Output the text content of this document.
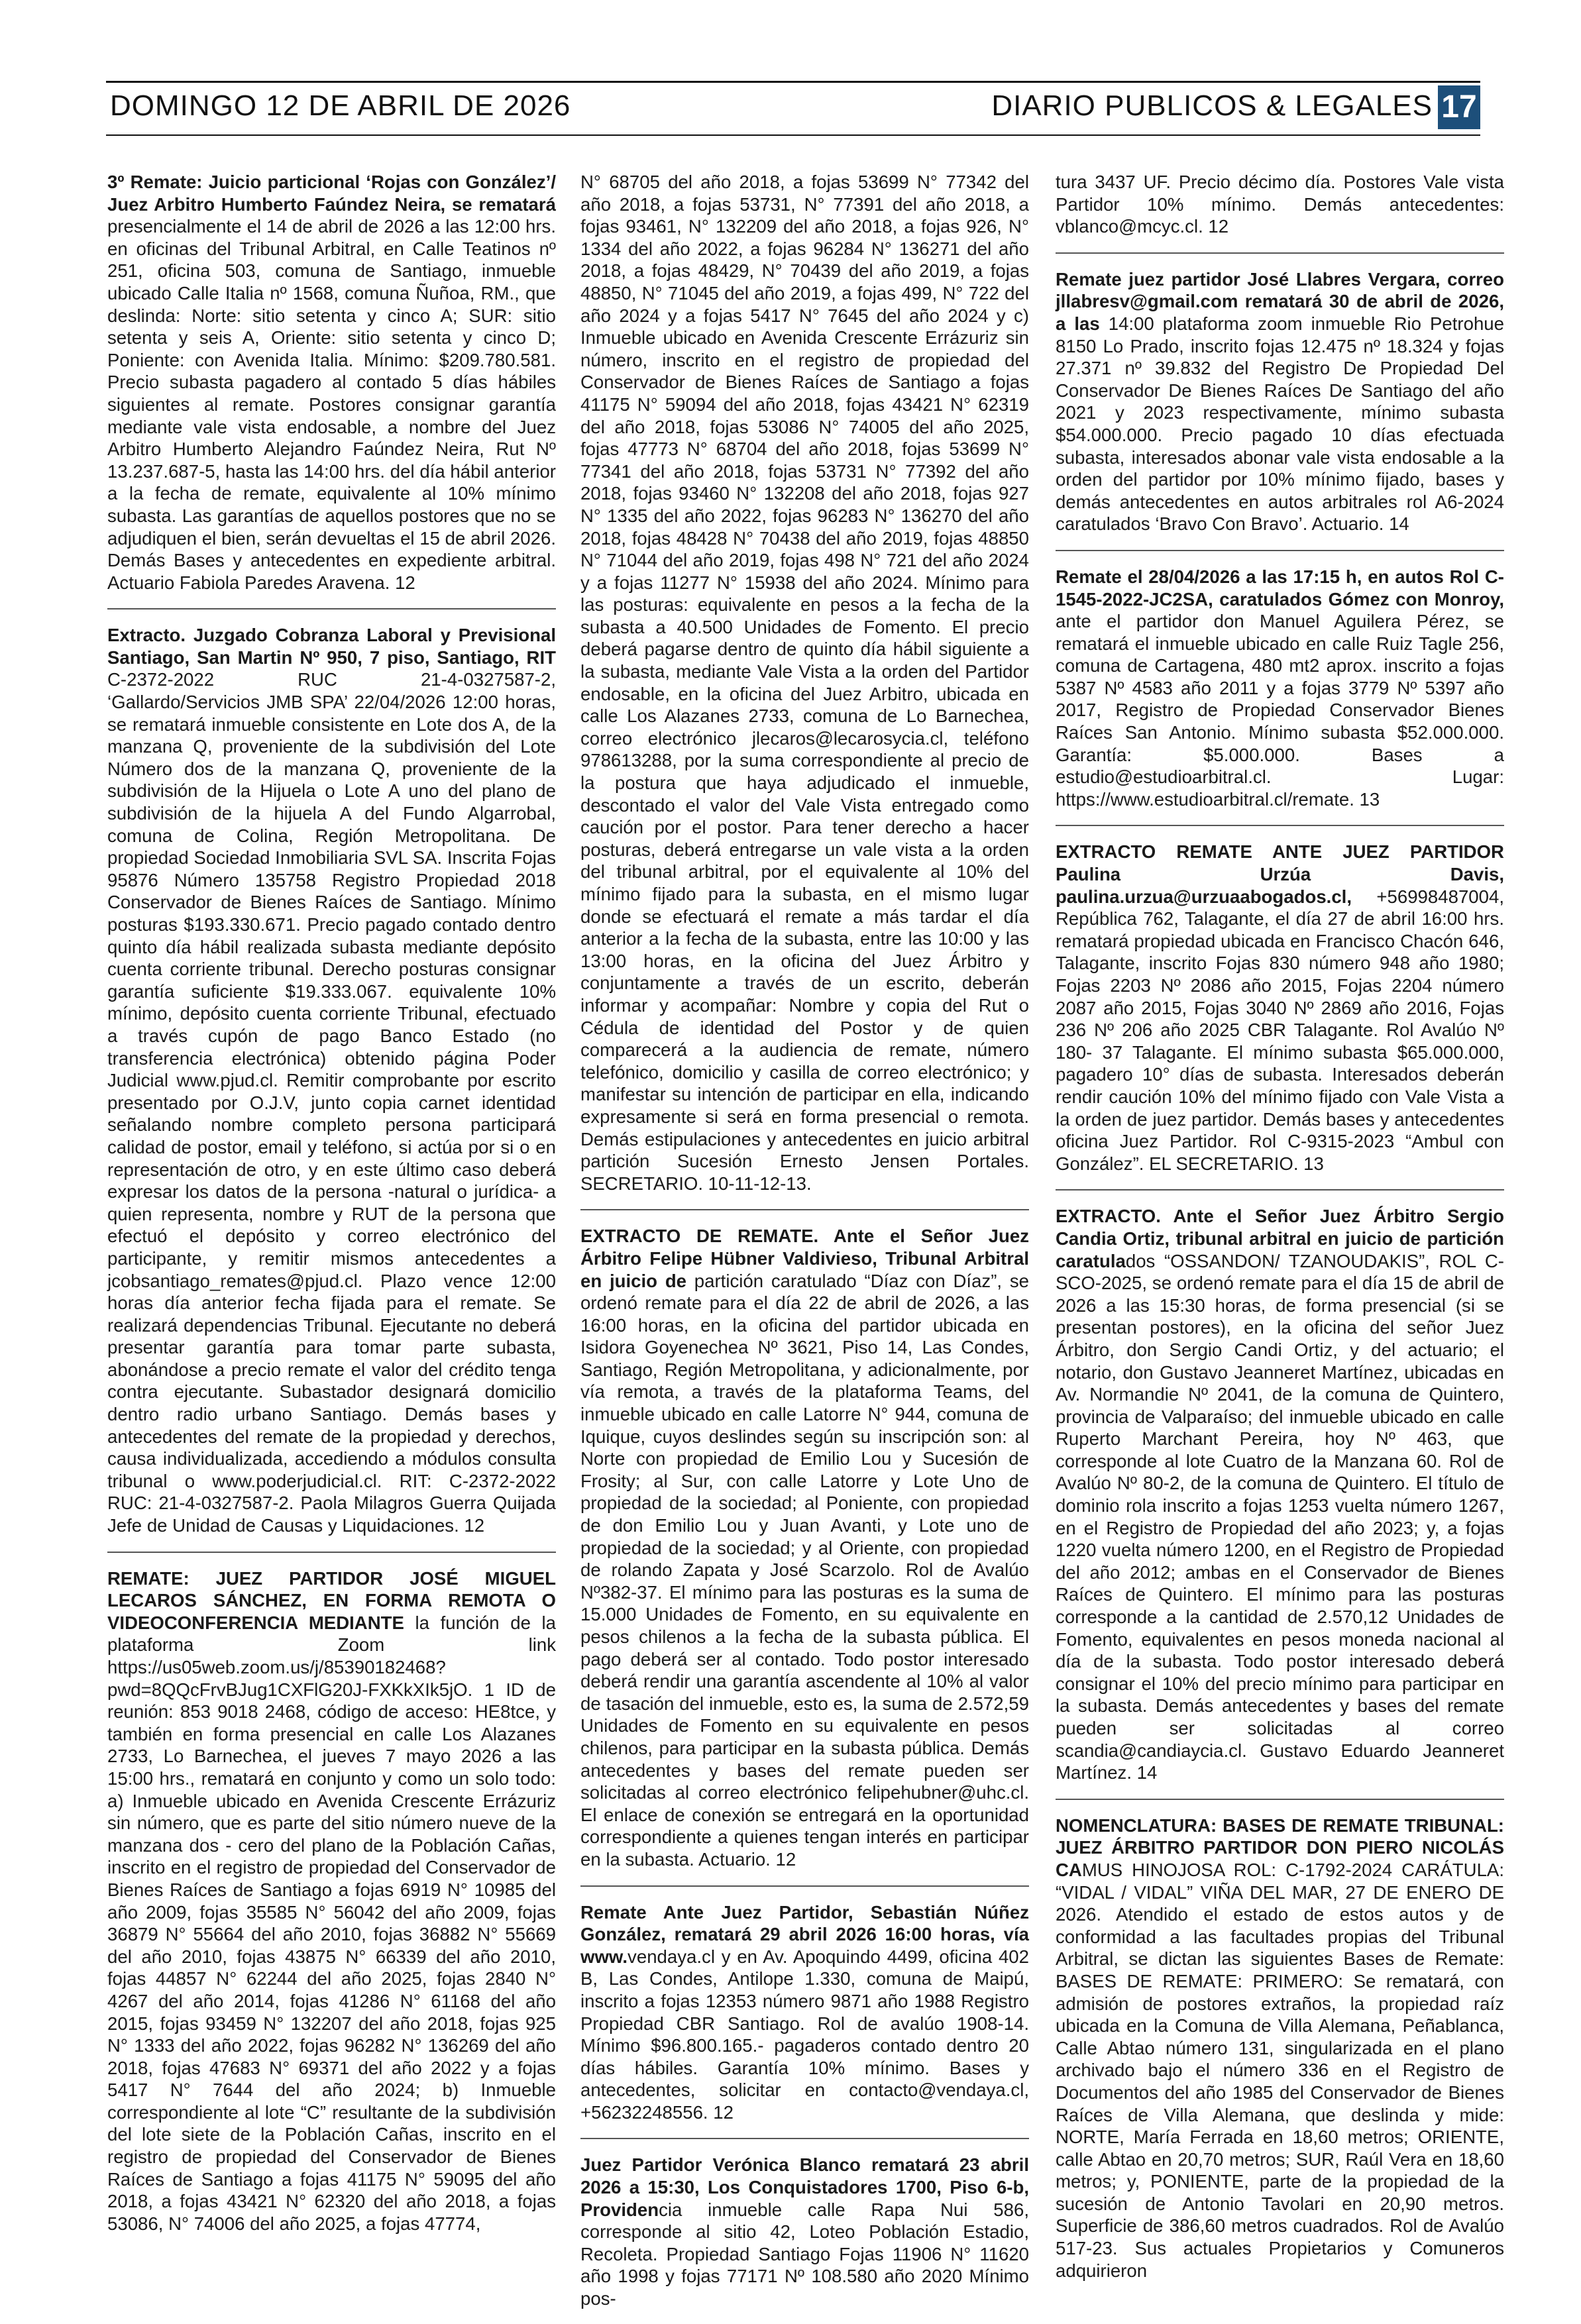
DOMINGO 12 DE ABRIL DE 2026	DIARIO PUBLICOS & LEGALES 17

3º Remate: Juicio particional ‘Rojas con González’/ Juez Arbitro Humberto Faúndez Neira, se rematará presencialmente el 14 de abril de 2026 a las 12:00 hrs. en oficinas del Tribunal Arbitral, en Calle Teatinos nº 251, oficina 503, comuna de Santiago, inmueble ubicado Calle Italia nº 1568, comuna Ñuñoa, RM., que deslinda: Norte: sitio setenta y cinco A; SUR: sitio setenta y seis A, Oriente: sitio setenta y cinco D; Poniente: con Avenida Italia. Mínimo: $209.780.581. Precio subasta pagadero al contado 5 días hábiles siguientes al remate. Postores consignar garantía mediante vale vista endosable, a nombre del Juez Arbitro Humberto Alejandro Faúndez Neira, Rut Nº 13.237.687-5, hasta las 14:00 hrs. del día hábil anterior a la fecha de remate, equivalente al 10% mínimo subasta. Las garantías de aquellos postores que no se adjudiquen el bien, serán devueltas el 15 de abril 2026. Demás Bases y antecedentes en expediente arbitral. Actuario Fabiola Paredes Aravena. 12

Extracto. Juzgado Cobranza Laboral y Previsional Santiago, San Martin Nº 950, 7 piso, Santiago, RIT C-2372-2022 RUC 21-4-0327587-2, ‘Gallardo/Servicios JMB SPA’ 22/04/2026 12:00 horas, se rematará inmueble consistente en Lote dos A, de la manzana Q, proveniente de la subdivisión del Lote Número dos de la manzana Q, proveniente de la subdivisión de la Hijuela o Lote A uno del plano de subdivisión de la hijuela A del Fundo Algarrobal, comuna de Colina, Región Metropolitana. De propiedad Sociedad Inmobiliaria SVL SA. Inscrita Fojas 95876 Número 135758 Registro Propiedad 2018 Conservador de Bienes Raíces de Santiago. Mínimo posturas $193.330.671. Precio pagado contado dentro quinto día hábil realizada subasta mediante depósito cuenta corriente tribunal. Derecho posturas consignar garantía suficiente $19.333.067. equivalente 10% mínimo, depósito cuenta corriente Tribunal, efectuado a través cupón de pago Banco Estado (no transferencia electrónica) obtenido página Poder Judicial www.pjud.cl. Remitir comprobante por escrito presentado por O.J.V, junto copia carnet identidad señalando nombre completo persona participará calidad de postor, email y teléfono, si actúa por si o en representación de otro, y en este último caso deberá expresar los datos de la persona -natural o jurídica- a quien representa, nombre y RUT de la persona que efectuó el depósito y correo electrónico del participante, y remitir mismos antecedentes a jcobsantiago_remates@pjud.cl. Plazo vence 12:00 horas día anterior fecha fijada para el remate. Se realizará dependencias Tribunal. Ejecutante no deberá presentar garantía para tomar parte subasta, abonándose a precio remate el valor del crédito tenga contra ejecutante. Subastador designará domicilio dentro radio urbano Santiago. Demás bases y antecedentes del remate de la propiedad y derechos, causa individualizada, accediendo a módulos consulta tribunal o www.poderjudicial.cl. RIT: C-2372-2022 RUC: 21-4-0327587-2. Paola Milagros Guerra Quijada Jefe de Unidad de Causas y Liquidaciones. 12

REMATE: JUEZ PARTIDOR JOSÉ MIGUEL LECAROS SÁNCHEZ, EN FORMA REMOTA O VIDEOCONFERENCIA MEDIANTE la función de la plataforma Zoom link https://us05web.zoom.us/j/85390182468?pwd=8QQcFrvBJug1CXFlG20J-FXKkXIk5jO. 1 ID de reunión: 853 9018 2468, código de acceso: HE8tce, y también en forma presencial en calle Los Alazanes 2733, Lo Barnechea, el jueves 7 mayo 2026 a las 15:00 hrs., rematará en conjunto y como un solo todo: a) Inmueble ubicado en Avenida Crescente Errázuriz sin número, que es parte del sitio número nueve de la manzana dos - cero del plano de la Población Cañas, inscrito en el registro de propiedad del Conservador de Bienes Raíces de Santiago a fojas 6919 N° 10985 del año 2009, fojas 35585 N° 56042 del año 2009, fojas 36879 N° 55664 del año 2010, fojas 36882 N° 55669 del año 2010, fojas 43875 N° 66339 del año 2010, fojas 44857 N° 62244 del año 2025, fojas 2840 N° 4267 del año 2014, fojas 41286 N° 61168 del año 2015, fojas 93459 N° 132207 del año 2018, fojas 925 N° 1333 del año 2022, fojas 96282 N° 136269 del año 2018, fojas 47683 N° 69371 del año 2022 y a fojas 5417 N° 7644 del año 2024; b) Inmueble correspondiente al lote “C” resultante de la subdivisión del lote siete de la Población Cañas, inscrito en el registro de propiedad del Conservador de Bienes Raíces de Santiago a fojas 41175 N° 59095 del año 2018, a fojas 43421 N° 62320 del año 2018, a fojas 53086, N° 74006 del año 2025, a fojas 47774,

N° 68705 del año 2018, a fojas 53699 N° 77342 del año 2018, a fojas 53731, N° 77391 del año 2018, a fojas 93461, N° 132209 del año 2018, a fojas 926, N° 1334 del año 2022, a fojas 96284 N° 136271 del año 2018, a fojas 48429, N° 70439 del año 2019, a fojas 48850, N° 71045 del año 2019, a fojas 499, N° 722 del año 2024 y a fojas 5417 N° 7645 del año 2024 y c) Inmueble ubicado en Avenida Crescente Errázuriz sin número, inscrito en el registro de propiedad del Conservador de Bienes Raíces de Santiago a fojas 41175 N° 59094 del año 2018, fojas 43421 N° 62319 del año 2018, fojas 53086 N° 74005 del año 2025, fojas 47773 N° 68704 del año 2018, fojas 53699 N° 77341 del año 2018, fojas 53731 N° 77392 del año 2018, fojas 93460 N° 132208 del año 2018, fojas 927 N° 1335 del año 2022, fojas 96283 N° 136270 del año 2018, fojas 48428 N° 70438 del año 2019, fojas 48850 N° 71044 del año 2019, fojas 498 N° 721 del año 2024 y a fojas 11277 N° 15938 del año 2024. Mínimo para las posturas: equivalente en pesos a la fecha de la subasta a 40.500 Unidades de Fomento. El precio deberá pagarse dentro de quinto día hábil siguiente a la subasta, mediante Vale Vista a la orden del Partidor endosable, en la oficina del Juez Arbitro, ubicada en calle Los Alazanes 2733, comuna de Lo Barnechea, correo electrónico jlecaros@lecarosycia.cl, teléfono 978613288, por la suma correspondiente al precio de la postura que haya adjudicado el inmueble, descontado el valor del Vale Vista entregado como caución por el postor. Para tener derecho a hacer posturas, deberá entregarse un vale vista a la orden del tribunal arbitral, por el equivalente al 10% del mínimo fijado para la subasta, en el mismo lugar donde se efectuará el remate a más tardar el día anterior a la fecha de la subasta, entre las 10:00 y las 13:00 horas, en la oficina del Juez Árbitro y conjuntamente a través de un escrito, deberán informar y acompañar: Nombre y copia del Rut o Cédula de identidad del Postor y de quien comparecerá a la audiencia de remate, número telefónico, domicilio y casilla de correo electrónico; y manifestar su intención de participar en ella, indicando expresamente si será en forma presencial o remota. Demás estipulaciones y antecedentes en juicio arbitral partición Sucesión Ernesto Jensen Portales. SECRETARIO. 10-11-12-13.

EXTRACTO DE REMATE. Ante el Señor Juez Árbitro Felipe Hübner Valdivieso, Tribunal Arbitral en juicio de partición caratulado “Díaz con Díaz”, se ordenó remate para el día 22 de abril de 2026, a las 16:00 horas, en la oficina del partidor ubicada en Isidora Goyenechea Nº 3621, Piso 14, Las Condes, Santiago, Región Metropolitana, y adicionalmente, por vía remota, a través de la plataforma Teams, del inmueble ubicado en calle Latorre N° 944, comuna de Iquique, cuyos deslindes según su inscripción son: al Norte con propiedad de Emilio Lou y Sucesión de Frosity; al Sur, con calle Latorre y Lote Uno de propiedad de la sociedad; al Poniente, con propiedad de don Emilio Lou y Juan Avanti, y Lote uno de propiedad de la sociedad; y al Oriente, con propiedad de rolando Zapata y José Scarzolo. Rol de Avalúo Nº382-37. El mínimo para las posturas es la suma de 15.000 Unidades de Fomento, en su equivalente en pesos chilenos a la fecha de la subasta pública. El pago deberá ser al contado. Todo postor interesado deberá rendir una garantía ascendente al 10% al valor de tasación del inmueble, esto es, la suma de 2.572,59 Unidades de Fomento en su equivalente en pesos chilenos, para participar en la subasta pública. Demás antecedentes y bases del remate pueden ser solicitadas al correo electrónico felipehubner@uhc.cl. El enlace de conexión se entregará en la oportunidad correspondiente a quienes tengan interés en participar en la subasta. Actuario. 12

Remate Ante Juez Partidor, Sebastián Núñez González, rematará 29 abril 2026 16:00 horas, vía www.vendaya.cl y en Av. Apoquindo 4499, oficina 402 B, Las Condes, Antilope 1.330, comuna de Maipú, inscrito a fojas 12353 número 9871 año 1988 Registro Propiedad CBR Santiago. Rol de avalúo 1908-14. Mínimo $96.800.165.- pagaderos contado dentro 20 días hábiles. Garantía 10% mínimo. Bases y antecedentes, solicitar en contacto@vendaya.cl, +56232248556. 12

Juez Partidor Verónica Blanco rematará 23 abril 2026 a 15:30, Los Conquistadores 1700, Piso 6-b, Providencia inmueble calle Rapa Nui 586, corresponde al sitio 42, Loteo Población Estadio, Recoleta. Propiedad Santiago Fojas 11906 N° 11620 año 1998 y fojas 77171 Nº 108.580 año 2020 Mínimo pos-

tura 3437 UF. Precio décimo día. Postores Vale vista Partidor 10% mínimo. Demás antecedentes: vblanco@mcyc.cl. 12

Remate juez partidor José Llabres Vergara, correo jllabresv@gmail.com rematará 30 de abril de 2026, a las 14:00 plataforma zoom inmueble Rio Petrohue 8150 Lo Prado, inscrito fojas 12.475 nº 18.324 y fojas 27.371 nº 39.832 del Registro De Propiedad Del Conservador De Bienes Raíces De Santiago del año 2021 y 2023 respectivamente, mínimo subasta $54.000.000. Precio pagado 10 días efectuada subasta, interesados abonar vale vista endosable a la orden del partidor por 10% mínimo fijado, bases y demás antecedentes en autos arbitrales rol A6-2024 caratulados ‘Bravo Con Bravo’. Actuario. 14

Remate el 28/04/2026 a las 17:15 h, en autos Rol C-1545-2022-JC2SA, caratulados Gómez con Monroy, ante el partidor don Manuel Aguilera Pérez, se rematará el inmueble ubicado en calle Ruiz Tagle 256, comuna de Cartagena, 480 mt2 aprox. inscrito a fojas 5387 Nº 4583 año 2011 y a fojas 3779 Nº 5397 año 2017, Registro de Propiedad Conservador Bienes Raíces San Antonio. Mínimo subasta $52.000.000. Garantía: $5.000.000. Bases a estudio@estudioarbitral.cl. Lugar: https://www.estudioarbitral.cl/remate. 13

EXTRACTO REMATE ANTE JUEZ PARTIDOR Paulina Urzúa Davis, paulina.urzua@urzuaabogados.cl, +56998487004, República 762, Talagante, el día 27 de abril 16:00 hrs. rematará propiedad ubicada en Francisco Chacón 646, Talagante, inscrito Fojas 830 número 948 año 1980; Fojas 2203 Nº 2086 año 2015, Fojas 2204 número 2087 año 2015, Fojas 3040 Nº 2869 año 2016, Fojas 236 Nº 206 año 2025 CBR Talagante. Rol Avalúo Nº 180- 37 Talagante. El mínimo subasta $65.000.000, pagadero 10° días de subasta. Interesados deberán rendir caución 10% del mínimo fijado con Vale Vista a la orden de juez partidor. Demás bases y antecedentes oficina Juez Partidor. Rol C-9315-2023 “Ambul con González”. EL SECRETARIO. 13

EXTRACTO. Ante el Señor Juez Árbitro Sergio Candia Ortiz, tribunal arbitral en juicio de partición caratulados “OSSANDON/ TZANOUDAKIS”, ROL C-SCO-2025, se ordenó remate para el día 15 de abril de 2026 a las 15:30 horas, de forma presencial (si se presentan postores), en la oficina del señor Juez Árbitro, don Sergio Candi Ortiz, y del actuario; el notario, don Gustavo Jeanneret Martínez, ubicadas en Av. Normandie Nº 2041, de la comuna de Quintero, provincia de Valparaíso; del inmueble ubicado en calle Ruperto Marchant Pereira, hoy Nº 463, que corresponde al lote Cuatro de la Manzana 60. Rol de Avalúo Nº 80-2, de la comuna de Quintero. El título de dominio rola inscrito a fojas 1253 vuelta número 1267, en el Registro de Propiedad del año 2023; y, a fojas 1220 vuelta número 1200, en el Registro de Propiedad del año 2012; ambas en el Conservador de Bienes Raíces de Quintero. El mínimo para las posturas corresponde a la cantidad de 2.570,12 Unidades de Fomento, equivalentes en pesos moneda nacional al día de la subasta. Todo postor interesado deberá consignar el 10% del precio mínimo para participar en la subasta. Demás antecedentes y bases del remate pueden ser solicitadas al correo scandia@candiaycia.cl. Gustavo Eduardo Jeanneret Martínez. 14

NOMENCLATURA: BASES DE REMATE TRIBUNAL: JUEZ ÁRBITRO PARTIDOR DON PIERO NICOLÁS CAMUS HINOJOSA ROL: C-1792-2024 CARÁTULA: “VIDAL / VIDAL” VIÑA DEL MAR, 27 DE ENERO DE 2026. Atendido el estado de estos autos y de conformidad a las facultades propias del Tribunal Arbitral, se dictan las siguientes Bases de Remate: BASES DE REMATE: PRIMERO: Se rematará, con admisión de postores extraños, la propiedad raíz ubicada en la Comuna de Villa Alemana, Peñablanca, Calle Abtao número 131, singularizada en el plano archivado bajo el número 336 en el Registro de Documentos del año 1985 del Conservador de Bienes Raíces de Villa Alemana, que deslinda y mide: NORTE, María Ferrada en 18,60 metros; ORIENTE, calle Abtao en 20,70 metros; SUR, Raúl Vera en 18,60 metros; y, PONIENTE, parte de la propiedad de la sucesión de Antonio Tavolari en 20,90 metros. Superficie de 386,60 metros cuadrados. Rol de Avalúo 517-23. Sus actuales Propietarios y Comuneros adquirieron
